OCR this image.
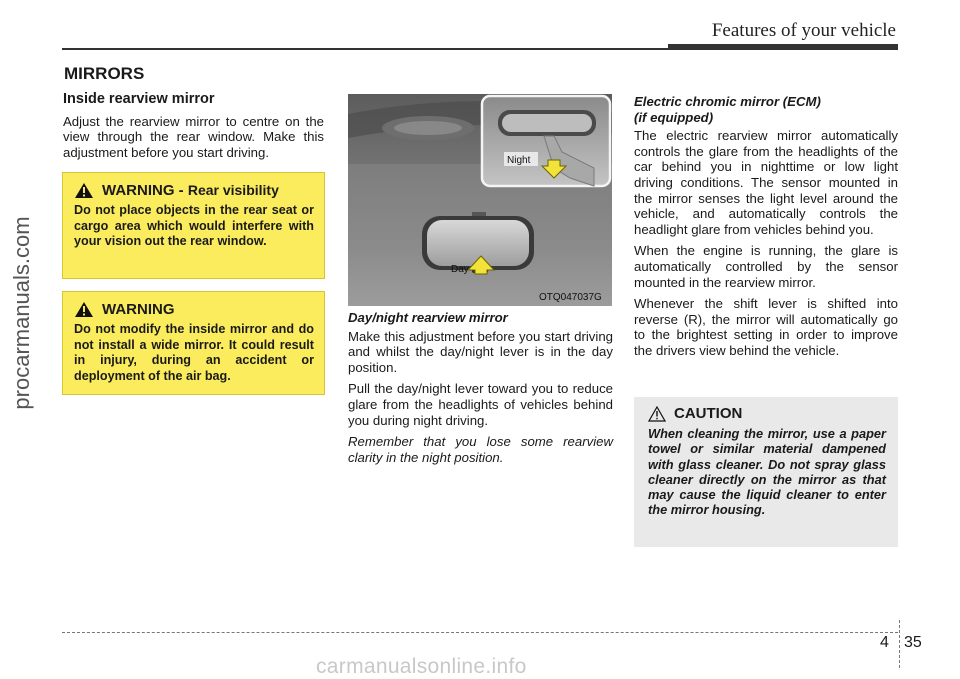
Features of your vehicle
procarmanuals.com
MIRRORS
Inside rearview mirror

Adjust the rearview mirror to centre on the view through the rear window. Make this adjustment before you start driving.

WARNING - Rear visibility
Do not place objects in the rear seat or cargo area which would interfere with your vision out the rear window.
WARNING
Do not modify the inside mirror and do not install a wide mirror. It could result in injury, during an accident or deployment of the air bag.
Day
OTQ047037G
Night
Day/night rearview mirror

Make this adjustment before you start driving and whilst the day/night lever is in the day position.

Pull the day/night lever toward you to reduce glare from the headlights of vehicles behind you during night driving.

Remember that you lose some rearview clarity in the night position.

Electric chromic mirror (ECM)
(if equipped)

The electric rearview mirror automatically controls the glare from the headlights of the car behind you in nighttime or low light driving conditions. The sensor mounted in the mirror senses the light level around the vehicle, and automatically controls the headlight glare from vehicles behind you.

When the engine is running, the glare is automatically controlled by the sensor mounted in the rearview mirror.

Whenever the shift lever is shifted into reverse (R), the mirror will automatically go to the brightest setting in order to improve the drivers view behind the vehicle.

CAUTION
When cleaning the mirror, use a paper towel or similar material dampened with glass cleaner. Do not spray glass cleaner directly on the mirror as that may cause the liquid cleaner to enter the mirror housing.
4 35
carmanualsonline.info
